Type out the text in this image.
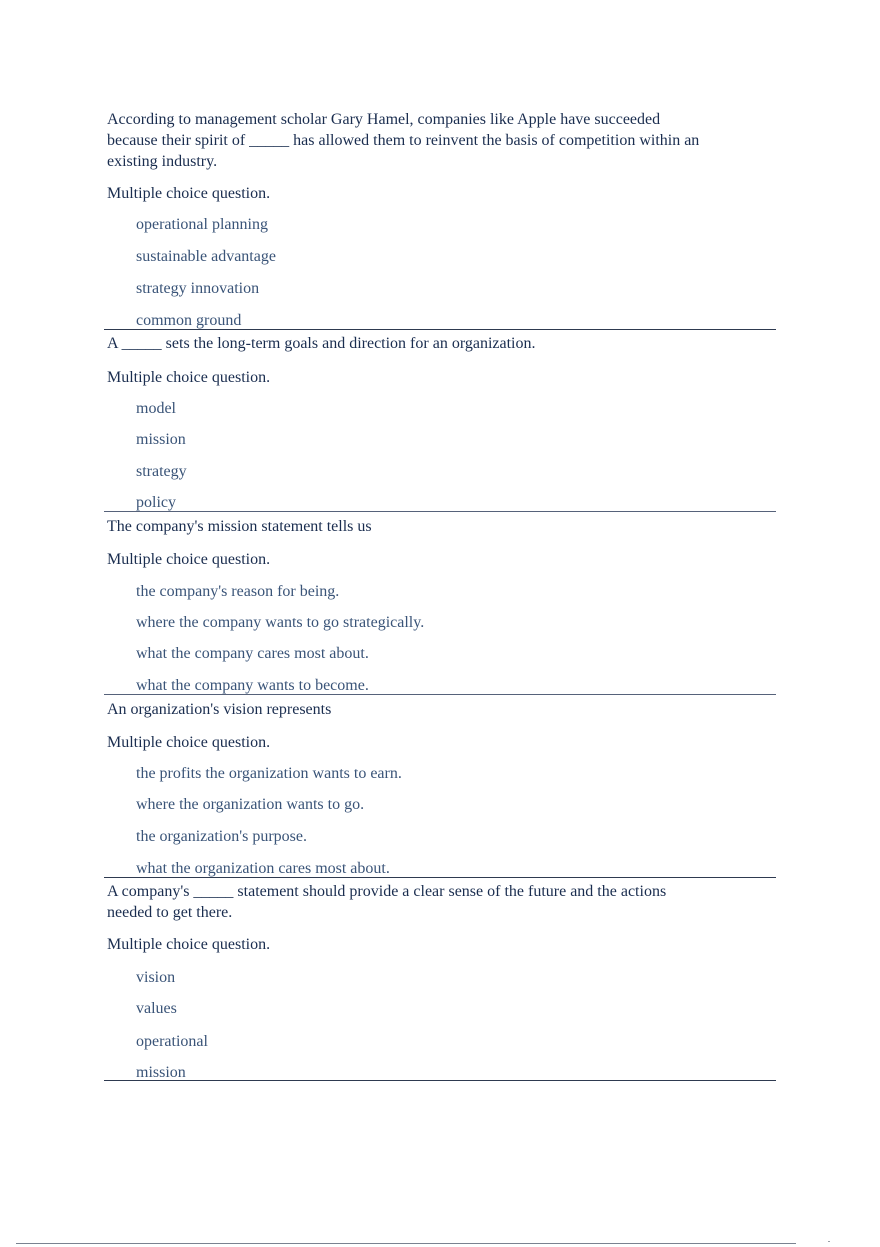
According to management scholar Gary Hamel, companies like Apple have succeeded because their spirit of _____ has allowed them to reinvent the basis of competition within an existing industry.
Multiple choice question.
operational planning
sustainable advantage
strategy innovation
common ground
A _____ sets the long-term goals and direction for an organization.
Multiple choice question.
model
mission
strategy
policy
The company's mission statement tells us
Multiple choice question.
the company's reason for being.
where the company wants to go strategically.
what the company cares most about.
what the company wants to become.
An organization's vision represents
Multiple choice question.
the profits the organization wants to earn.
where the organization wants to go.
the organization's purpose.
what the organization cares most about.
A company's _____ statement should provide a clear sense of the future and the actions needed to get there.
Multiple choice question.
vision
values
operational
mission
